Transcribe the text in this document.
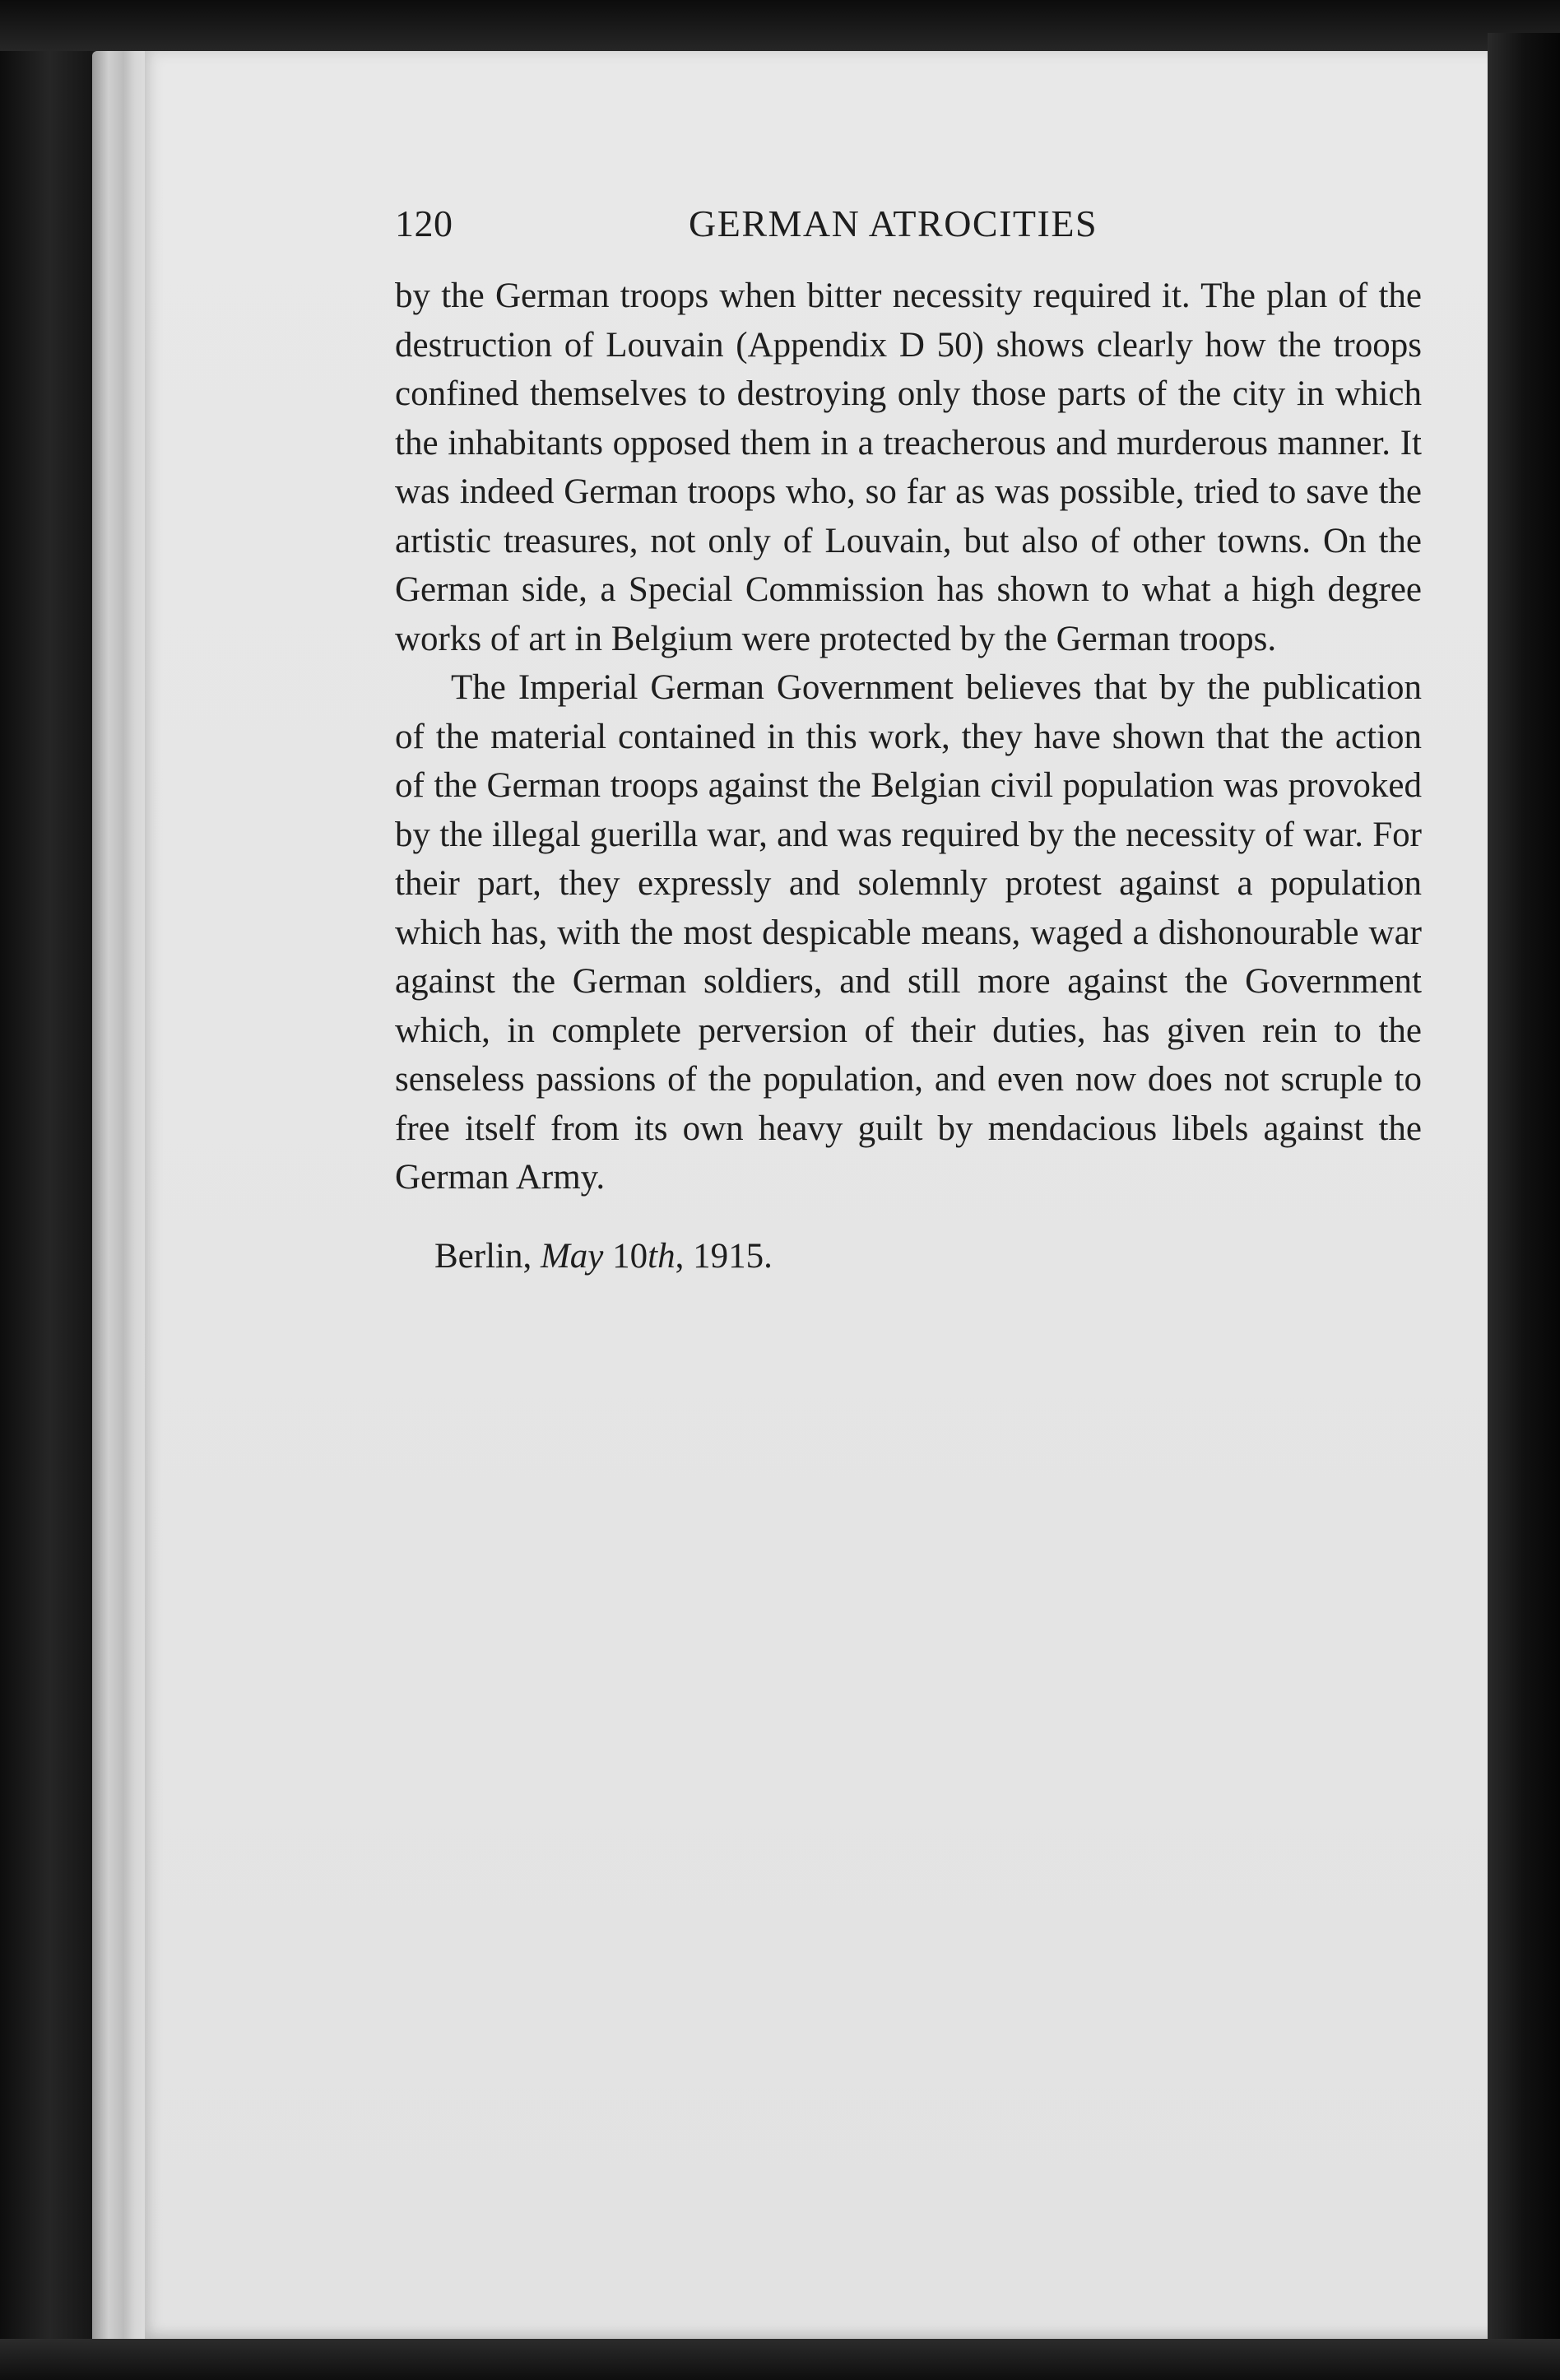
120	GERMAN ATROCITIES

by the German troops when bitter necessity required it. The plan of the destruction of Louvain (Appendix D 50) shows clearly how the troops confined themselves to destroying only those parts of the city in which the inhabitants opposed them in a treacherous and murderous manner. It was indeed German troops who, so far as was possible, tried to save the artistic treasures, not only of Louvain, but also of other towns. On the German side, a Special Commission has shown to what a high degree works of art in Belgium were protected by the German troops.

The Imperial German Government believes that by the publication of the material contained in this work, they have shown that the action of the German troops against the Belgian civil population was provoked by the illegal guerilla war, and was required by the necessity of war. For their part, they expressly and solemnly protest against a population which has, with the most despicable means, waged a dishonourable war against the German soldiers, and still more against the Government which, in complete perversion of their duties, has given rein to the senseless passions of the population, and even now does not scruple to free itself from its own heavy guilt by mendacious libels against the German Army.

Berlin, May 10th, 1915.
